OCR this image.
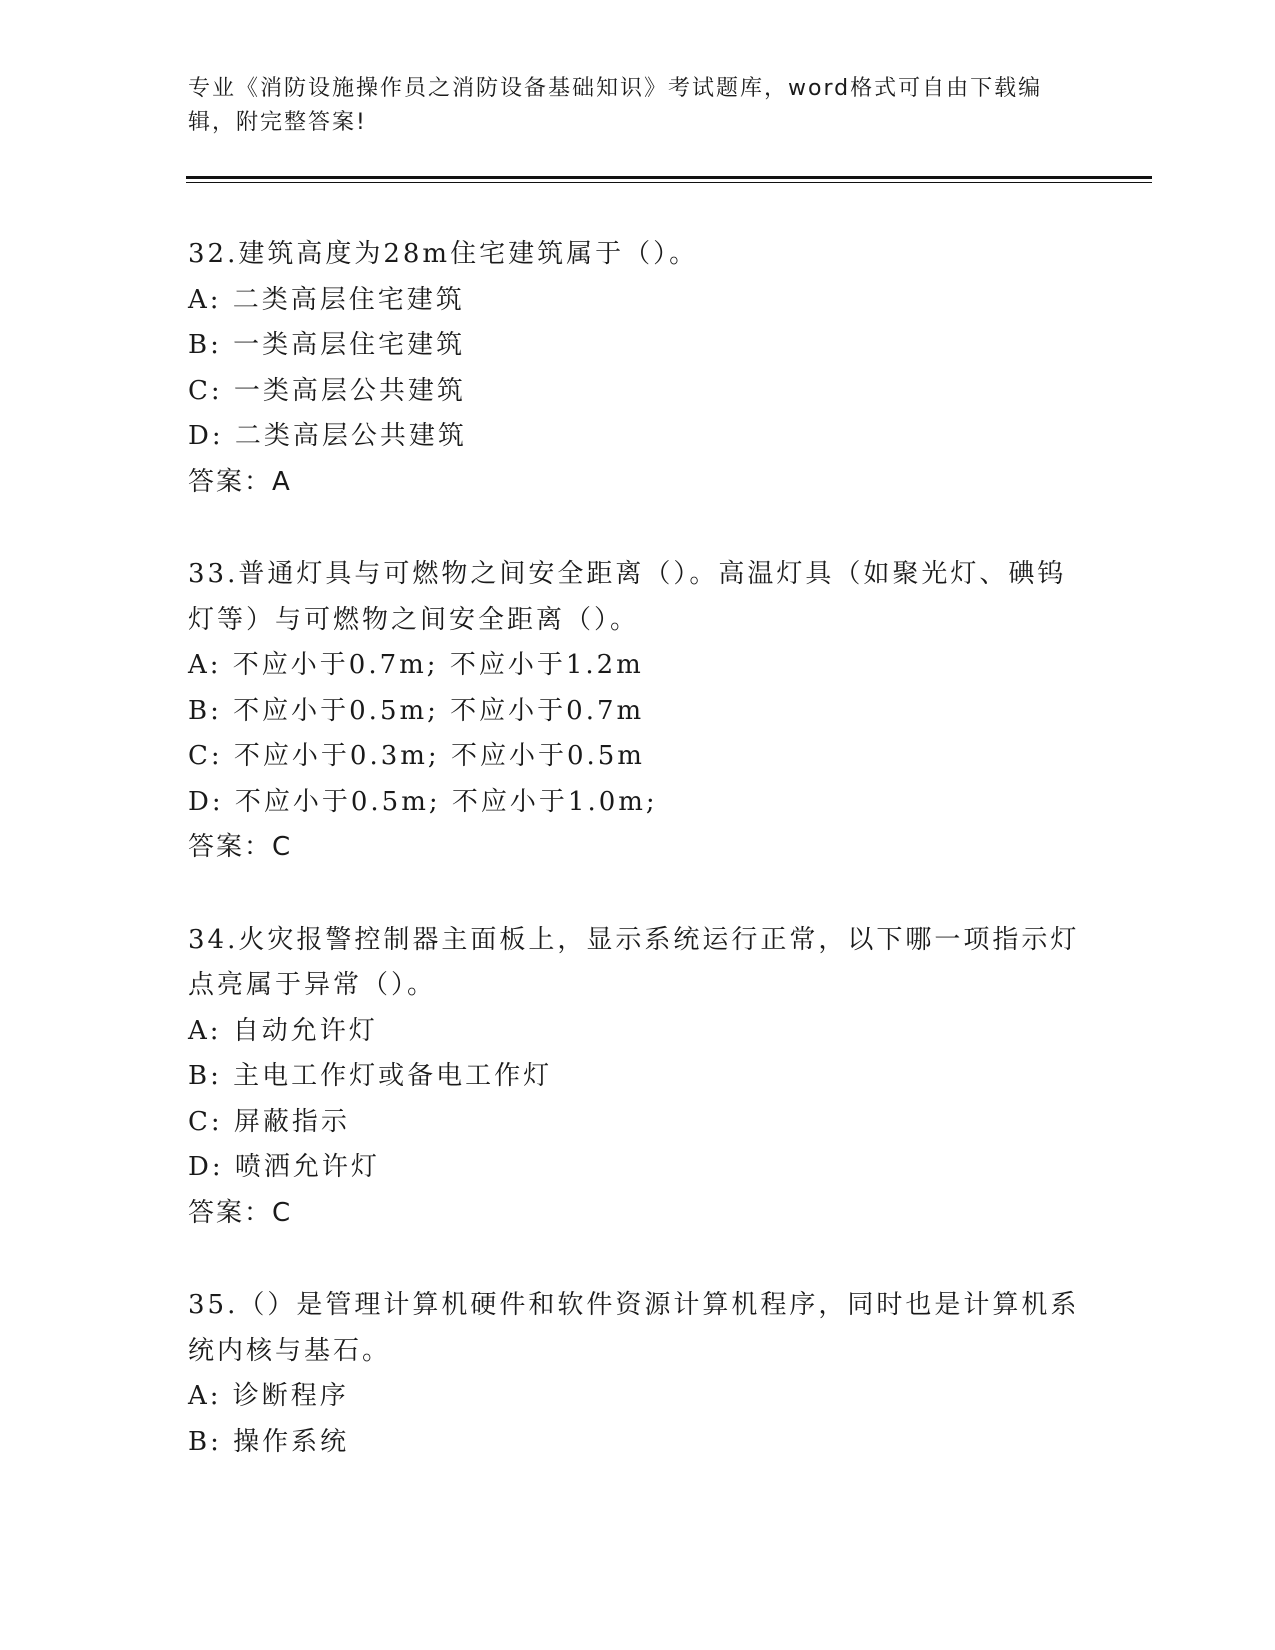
专业《消防设施操作员之消防设备基础知识》考试题库，word格式可自由下载编
辑，附完整答案!
32.建筑高度为28m住宅建筑属于（）。
A: 二类高层住宅建筑
B: 一类高层住宅建筑
C: 一类高层公共建筑
D: 二类高层公共建筑
答案：A
33.普通灯具与可燃物之间安全距离（）。高温灯具（如聚光灯、碘钨
灯等）与可燃物之间安全距离（）。
A: 不应小于0.7m; 不应小于1.2m
B: 不应小于0.5m; 不应小于0.7m
C: 不应小于0.3m; 不应小于0.5m
D: 不应小于0.5m; 不应小于1.0m;
答案：C
34.火灾报警控制器主面板上，显示系统运行正常，以下哪一项指示灯
点亮属于异常（）。
A: 自动允许灯
B: 主电工作灯或备电工作灯
C: 屏蔽指示
D: 喷洒允许灯
答案：C
35.（）是管理计算机硬件和软件资源计算机程序，同时也是计算机系
统内核与基石。
A: 诊断程序
B: 操作系统
